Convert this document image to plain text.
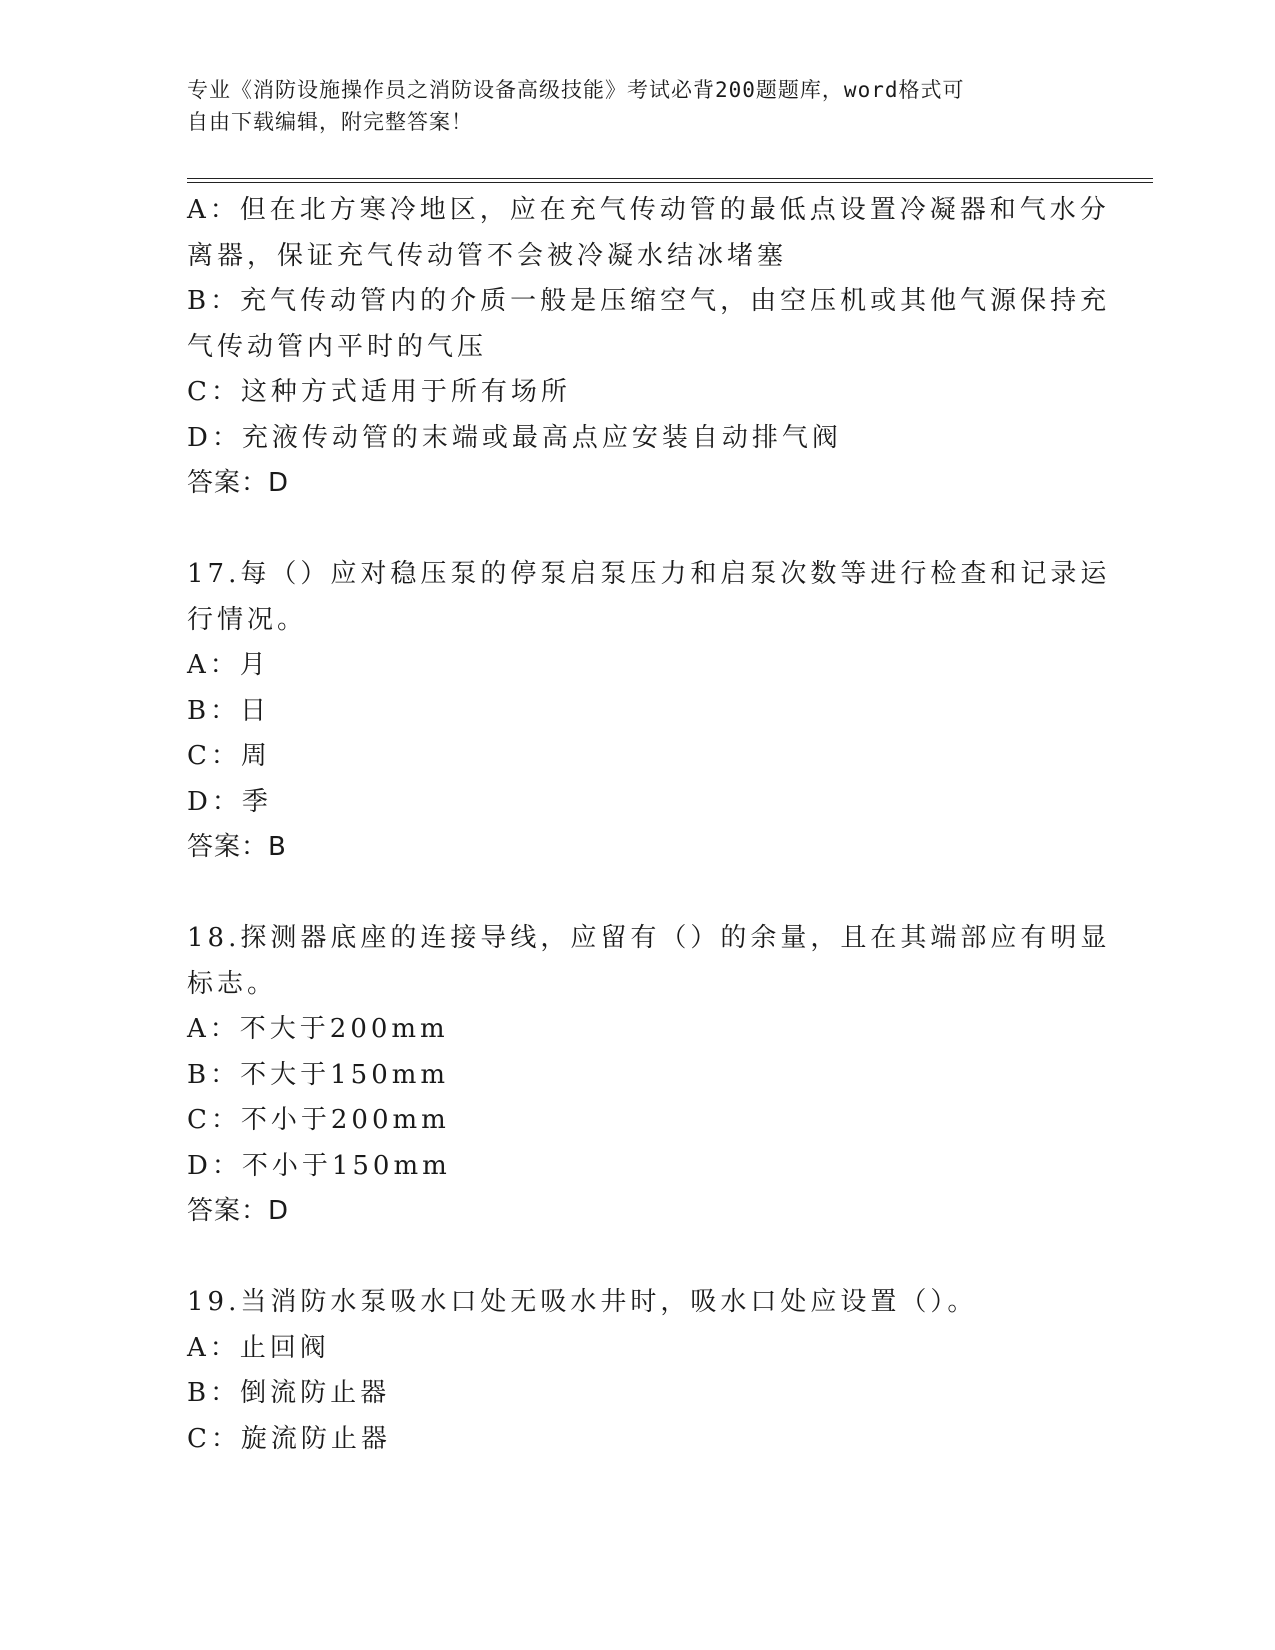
专业《消防设施操作员之消防设备高级技能》考试必背200题题库，word格式可
自由下载编辑，附完整答案！
A：但在北方寒冷地区，应在充气传动管的最低点设置冷凝器和气水分
离器，保证充气传动管不会被冷凝水结冰堵塞
B：充气传动管内的介质一般是压缩空气，由空压机或其他气源保持充
气传动管内平时的气压
C：这种方式适用于所有场所
D：充液传动管的末端或最高点应安装自动排气阀
答案：D
17.每（）应对稳压泵的停泵启泵压力和启泵次数等进行检查和记录运
行情况。
A：月
B：日
C：周
D：季
答案：B
18.探测器底座的连接导线，应留有（）的余量，且在其端部应有明显
标志。
A：不大于200mm
B：不大于150mm
C：不小于200mm
D：不小于150mm
答案：D
19.当消防水泵吸水口处无吸水井时，吸水口处应设置（）。
A：止回阀
B：倒流防止器
C：旋流防止器
